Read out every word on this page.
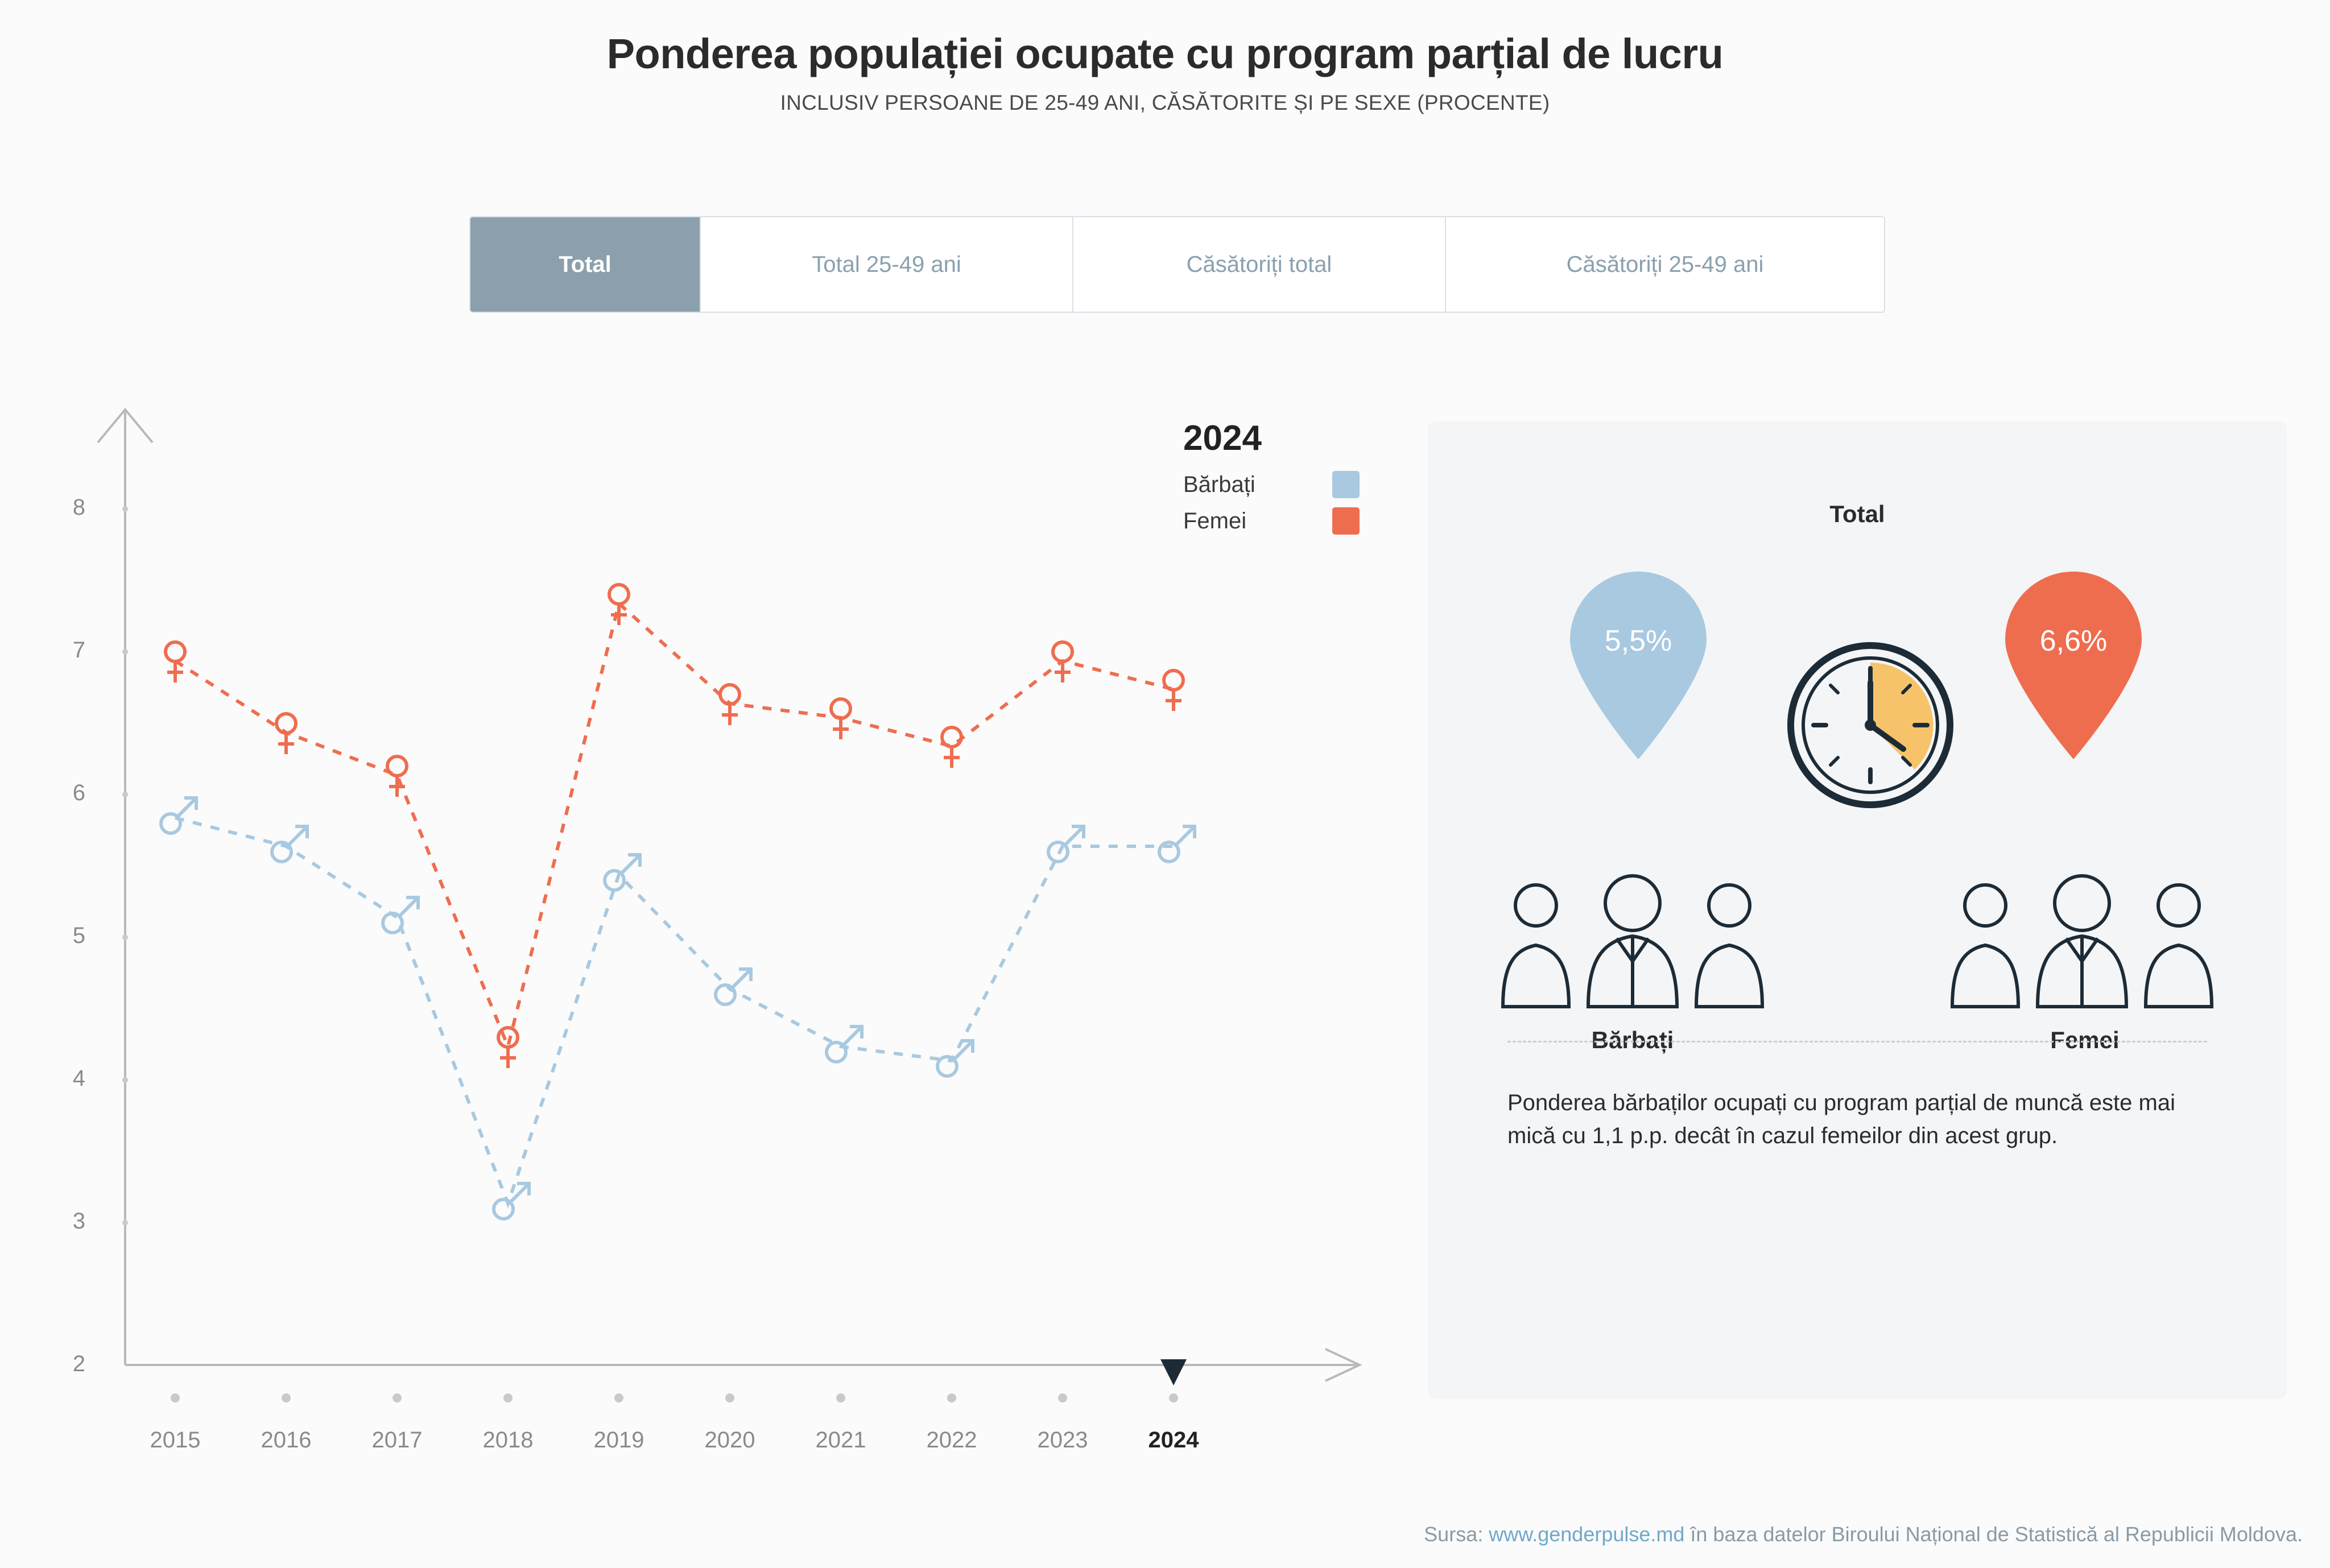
Ponderea populației ocupate cu program parțial de lucru
INCLUSIV PERSOANE DE 25-49 ANI, CĂSĂTORITE ȘI PE SEXE (PROCENTE)
Total	Total 25-49 ani	Căsătoriți total	Căsătoriți 25-49 ani
8
7
6
5
4
3
2
2015	2016	2017	2018	2019	2020	2021	2022	2023	2024
2024
Bărbați
Femei	Total
5,5%	6,6%
Bărbați	Femei
Ponderea bărbaților ocupați cu program parțial de muncă este mai mică cu 1,1 p.p. decât în cazul femeilor din acest grup.
Sursa: www.genderpulse.md în baza datelor Biroului Național de Statistică al Republicii Moldova.
